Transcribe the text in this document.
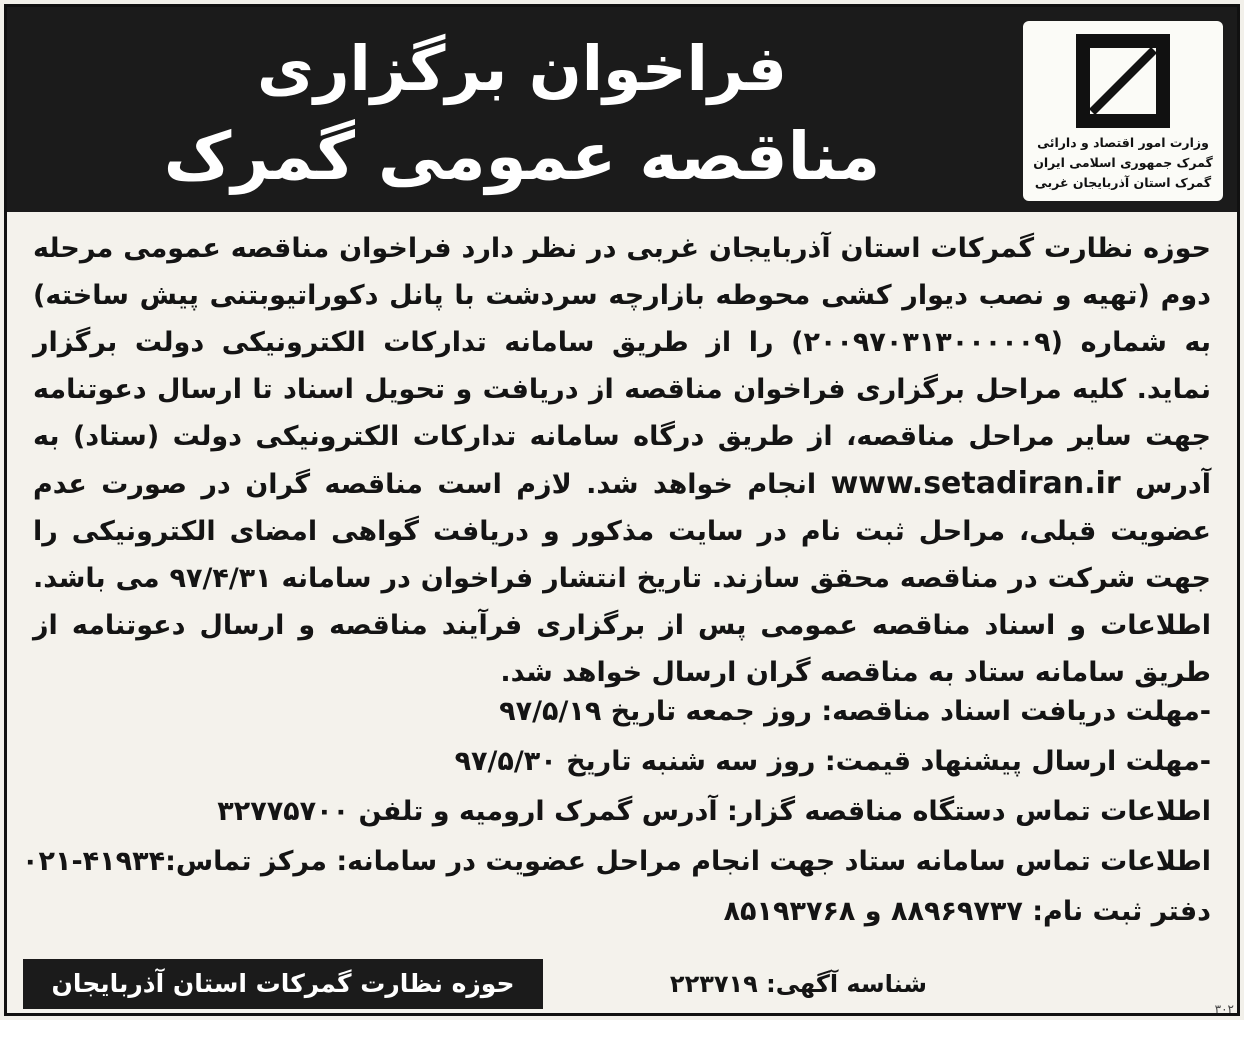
فراخوان برگزاری
مناقصه عمومی گمرک	وزارت امور اقتصاد و دارائی
گمرک جمهوری اسلامی ایران
گمرک استان آذربایجان غربی
حوزه نظارت گمرکات استان آذربایجان غربی در نظر دارد فراخوان مناقصه عمومی مرحله دوم (تهیه و نصب دیوار کشی محوطه بازارچه سردشت با پانل دکوراتیوبتنی پیش ساخته) به شماره (۲۰۰۹۷۰۳۱۳۰۰۰۰۰۹) را از طریق سامانه تدارکات الکترونیکی دولت برگزار نماید. کلیه مراحل برگزاری فراخوان مناقصه از دریافت و تحویل اسناد تا ارسال دعوتنامه جهت سایر مراحل مناقصه، از طریق درگاه سامانه تدارکات الکترونیکی دولت (ستاد) به آدرس www.setadiran.ir انجام خواهد شد. لازم است مناقصه گران در صورت عدم عضویت قبلی، مراحل ثبت نام در سایت مذکور و دریافت گواهی امضای الکترونیکی را جهت شرکت در مناقصه محقق سازند. تاریخ انتشار فراخوان در سامانه ۹۷/۴/۳۱ می باشد. اطلاعات و اسناد مناقصه عمومی پس از برگزاری فرآیند مناقصه و ارسال دعوتنامه از طریق سامانه ستاد به مناقصه گران ارسال خواهد شد.
-مهلت دریافت اسناد مناقصه: روز جمعه تاریخ ۹۷/۵/۱۹
-مهلت ارسال پیشنهاد قیمت: روز سه شنبه تاریخ ۹۷/۵/۳۰
اطلاعات تماس دستگاه مناقصه گزار: آدرس گمرک ارومیه و تلفن ۳۲۷۷۵۷۰۰
اطلاعات تماس سامانه ستاد جهت انجام مراحل عضویت در سامانه: مرکز تماس:۴۱۹۳۴-۰۲۱
دفتر ثبت نام: ۸۸۹۶۹۷۳۷ و ۸۵۱۹۳۷۶۸
شناسه آگهی: ۲۲۳۷۱۹
حوزه نظارت گمرکات استان آذربایجان غربی
۳۰۲
